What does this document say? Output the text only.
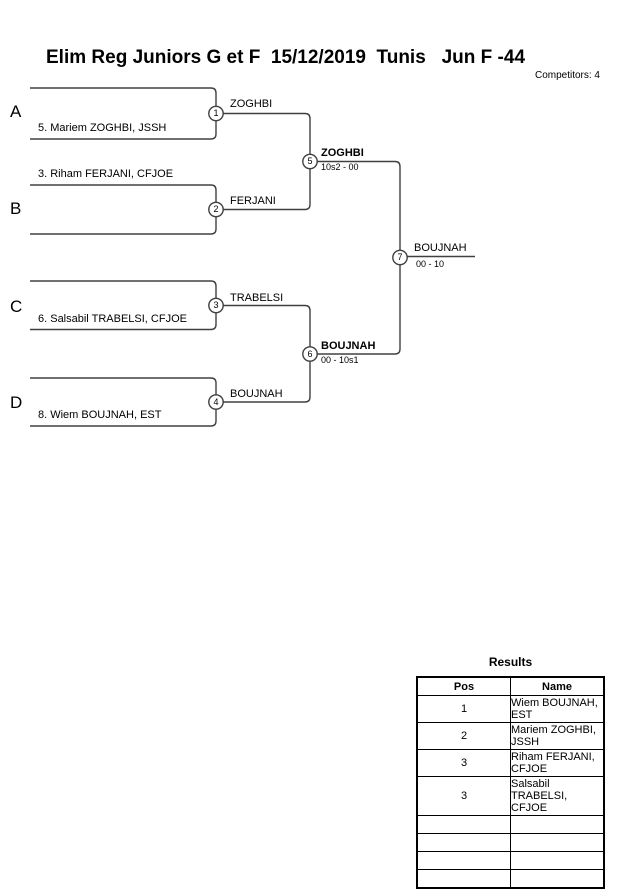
Elim Reg Juniors G et F  15/12/2019  Tunis   Jun F -44
Competitors: 4
A
B
C
D
5. Mariem ZOGHBI, JSSH
3. Riham FERJANI, CFJOE
6. Salsabil TRABELSI, CFJOE
8. Wiem BOUJNAH, EST
1
2
3
4
5
6
7
ZOGHBI
FERJANI
TRABELSI
BOUJNAH
ZOGHBI
BOUJNAH
BOUJNAH
10s2 - 00
00 - 10s1
00 - 10
Results
Pos	Name
1	Wiem BOUJNAH, EST
2	Mariem ZOGHBI, JSSH
3	Riham FERJANI, CFJOE
3	Salsabil TRABELSI, CFJOE
